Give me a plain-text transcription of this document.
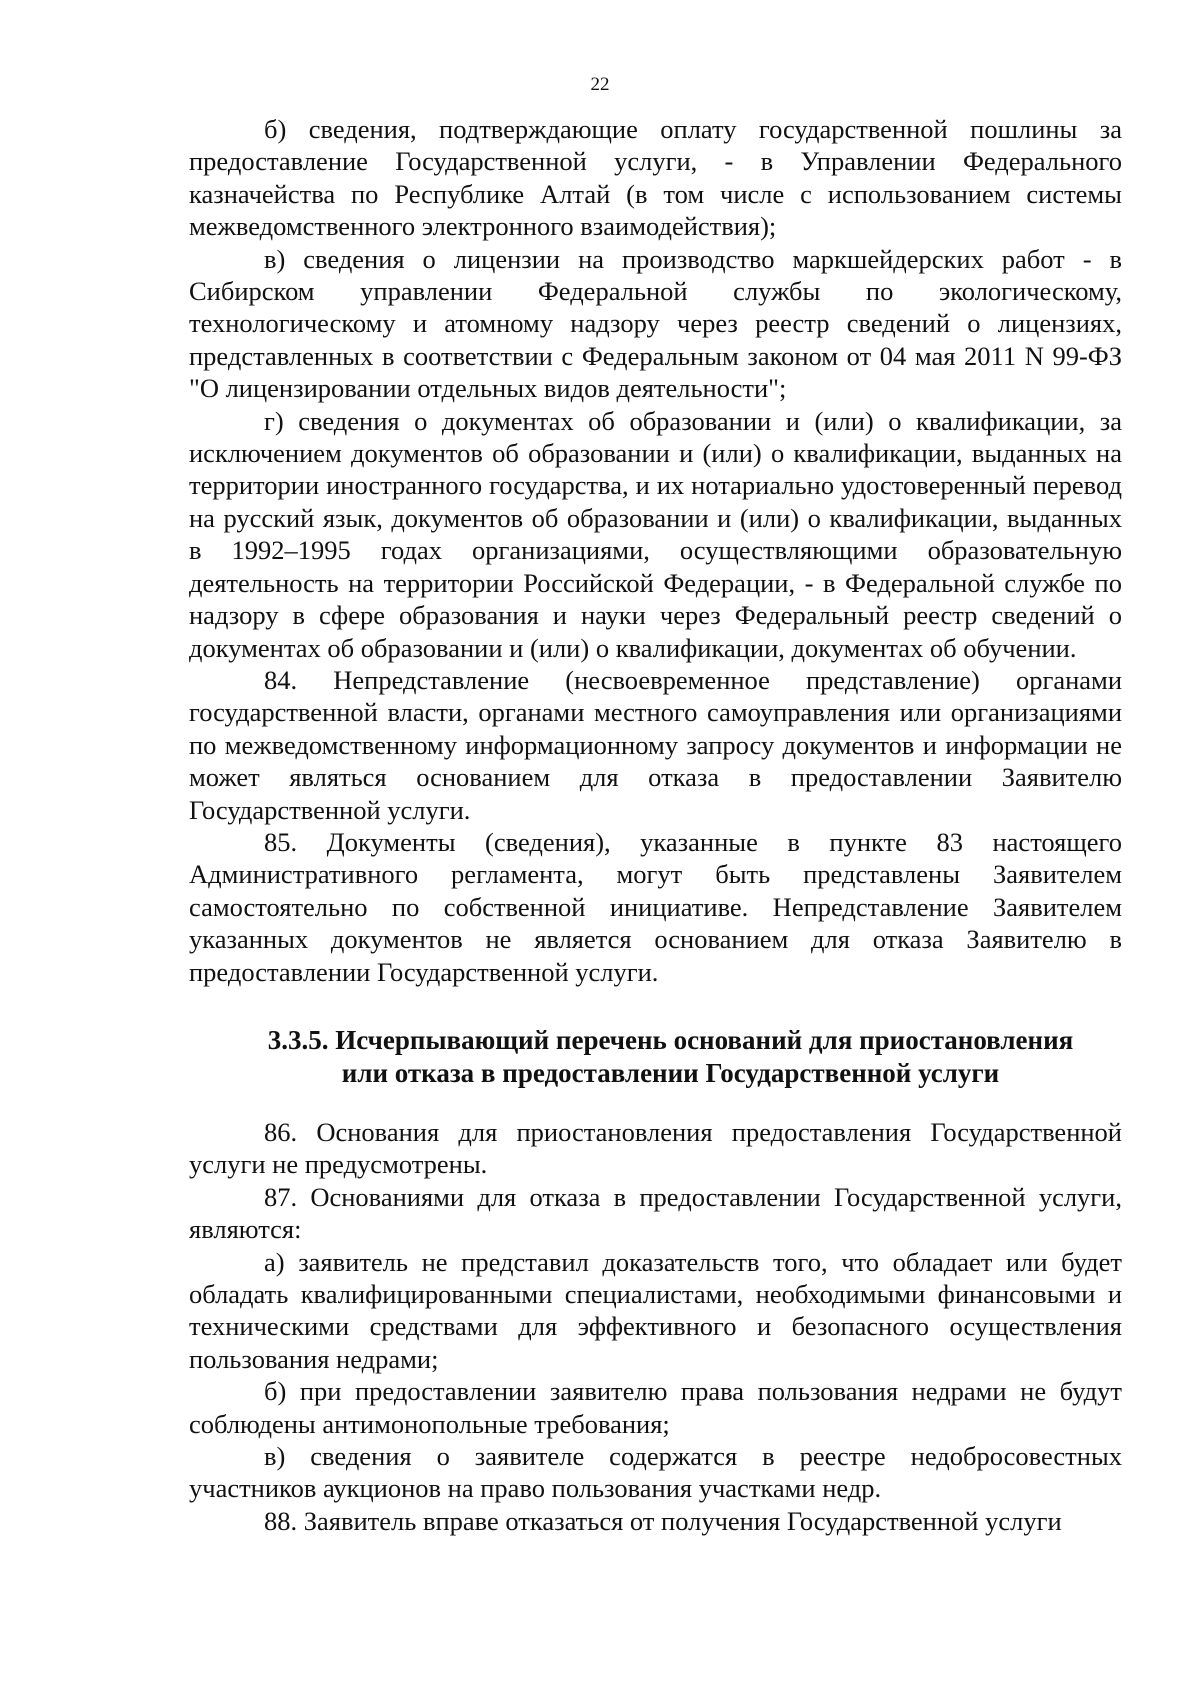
22

б) сведения, подтверждающие оплату государственной пошлины за предоставление Государственной услуги, - в Управлении Федерального казначейства по Республике Алтай (в том числе с использованием системы межведомственного электронного взаимодействия);

в) сведения о лицензии на производство маркшейдерских работ - в Сибирском управлении Федеральной службы по экологическому, технологическому и атомному надзору через реестр сведений о лицензиях, представленных в соответствии с Федеральным законом от 04 мая 2011 N 99-ФЗ "О лицензировании отдельных видов деятельности";

г) сведения о документах об образовании и (или) о квалификации, за исключением документов об образовании и (или) о квалификации, выданных на территории иностранного государства, и их нотариально удостоверенный перевод на русский язык, документов об образовании и (или) о квалификации, выданных в 1992–1995 годах организациями, осуществляющими образовательную деятельность на территории Российской Федерации, - в Федеральной службе по надзору в сфере образования и науки через Федеральный реестр сведений о документах об образовании и (или) о квалификации, документах об обучении.

84. Непредставление (несвоевременное представление) органами государственной власти, органами местного самоуправления или организациями по межведомственному информационному запросу документов и информации не может являться основанием для отказа в предоставлении Заявителю Государственной услуги.

85. Документы (сведения), указанные в пункте 83 настоящего Административного регламента, могут быть представлены Заявителем самостоятельно по собственной инициативе. Непредставление Заявителем указанных документов не является основанием для отказа Заявителю в предоставлении Государственной услуги.

3.3.5. Исчерпывающий перечень оснований для приостановления
или отказа в предоставлении Государственной услуги

86. Основания для приостановления предоставления Государственной услуги не предусмотрены.

87. Основаниями для отказа в предоставлении Государственной услуги, являются:

а) заявитель не представил доказательств того, что обладает или будет обладать квалифицированными специалистами, необходимыми финансовыми и техническими средствами для эффективного и безопасного осуществления пользования недрами;

б) при предоставлении заявителю права пользования недрами не будут соблюдены антимонопольные требования;

в) сведения о заявителе содержатся в реестре недобросовестных участников аукционов на право пользования участками недр.

88. Заявитель вправе отказаться от получения Государственной услуги
